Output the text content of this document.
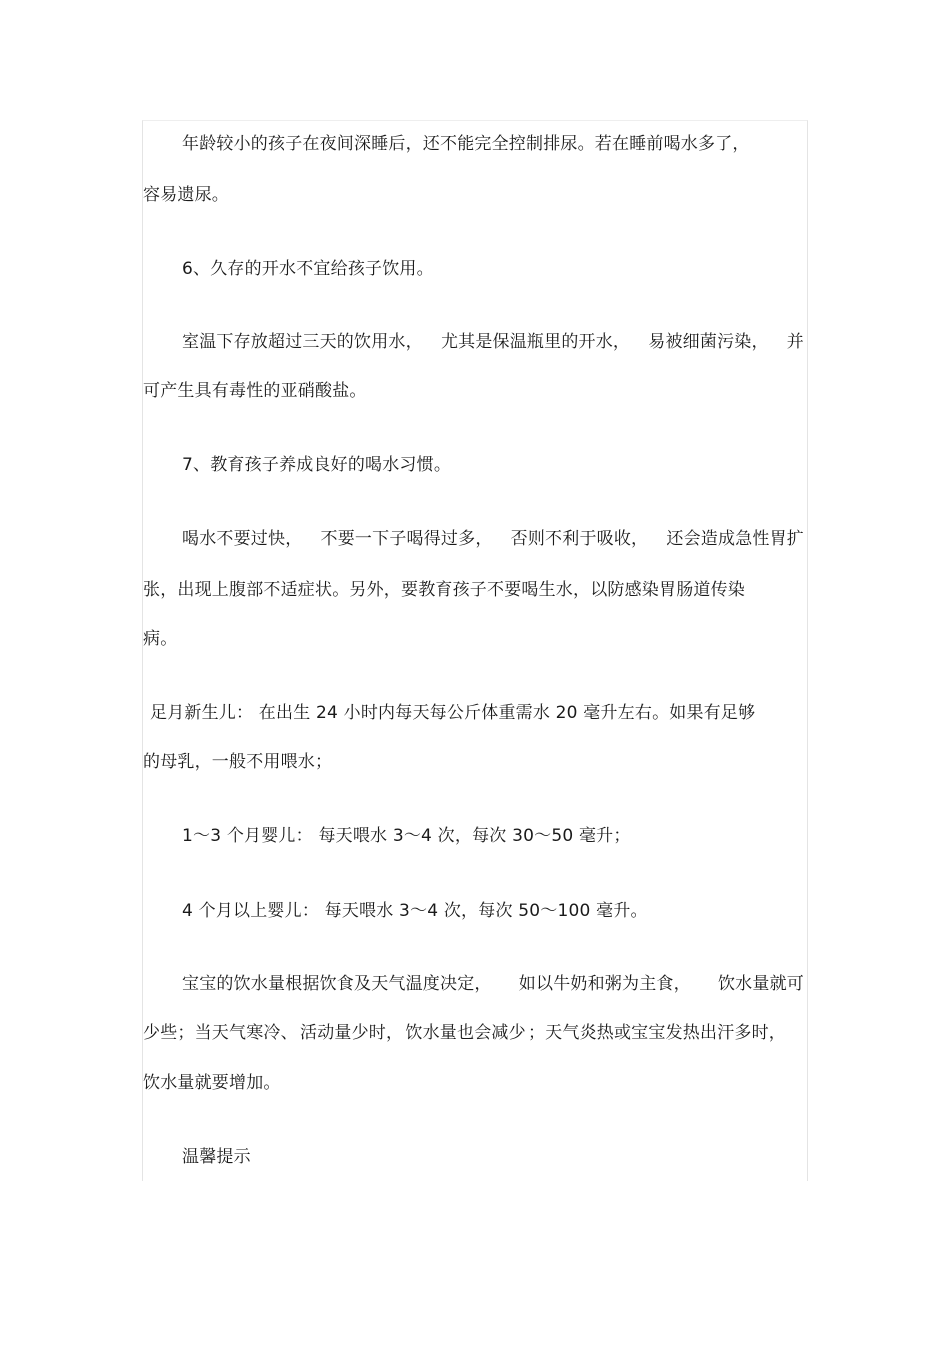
年龄较小的孩子在夜间深睡后，还不能完全控制排尿。若在睡前喝水多了，
容易遗尿。
6、久存的开水不宜给孩子饮用。
室温下存放超过三天的饮用水， 尤其是保温瓶里的开水， 易被细菌污染， 并
可产生具有毒性的亚硝酸盐。
7、教育孩子养成良好的喝水习惯。
喝水不要过快， 不要一下子喝得过多， 否则不利于吸收， 还会造成急性胃扩
张，出现上腹部不适症状。另外，要教育孩子不要喝生水，以防感染胃肠道传染
病。
足月新生儿： 在出生 24 小时内每天每公斤体重需水 20 毫升左右。如果有足够
的母乳，一般不用喂水；
1～3 个月婴儿： 每天喂水 3～4 次，每次 30～50 毫升；
4 个月以上婴儿： 每天喂水 3～4 次，每次 50～100 毫升。
宝宝的饮水量根据饮食及天气温度决定， 如以牛奶和粥为主食， 饮水量就可
少些；当天气寒冷、 活动量少时， 饮水量也会减少 ；天气炎热或宝宝发热出汗多时，
饮水量就要增加。
温馨提示
